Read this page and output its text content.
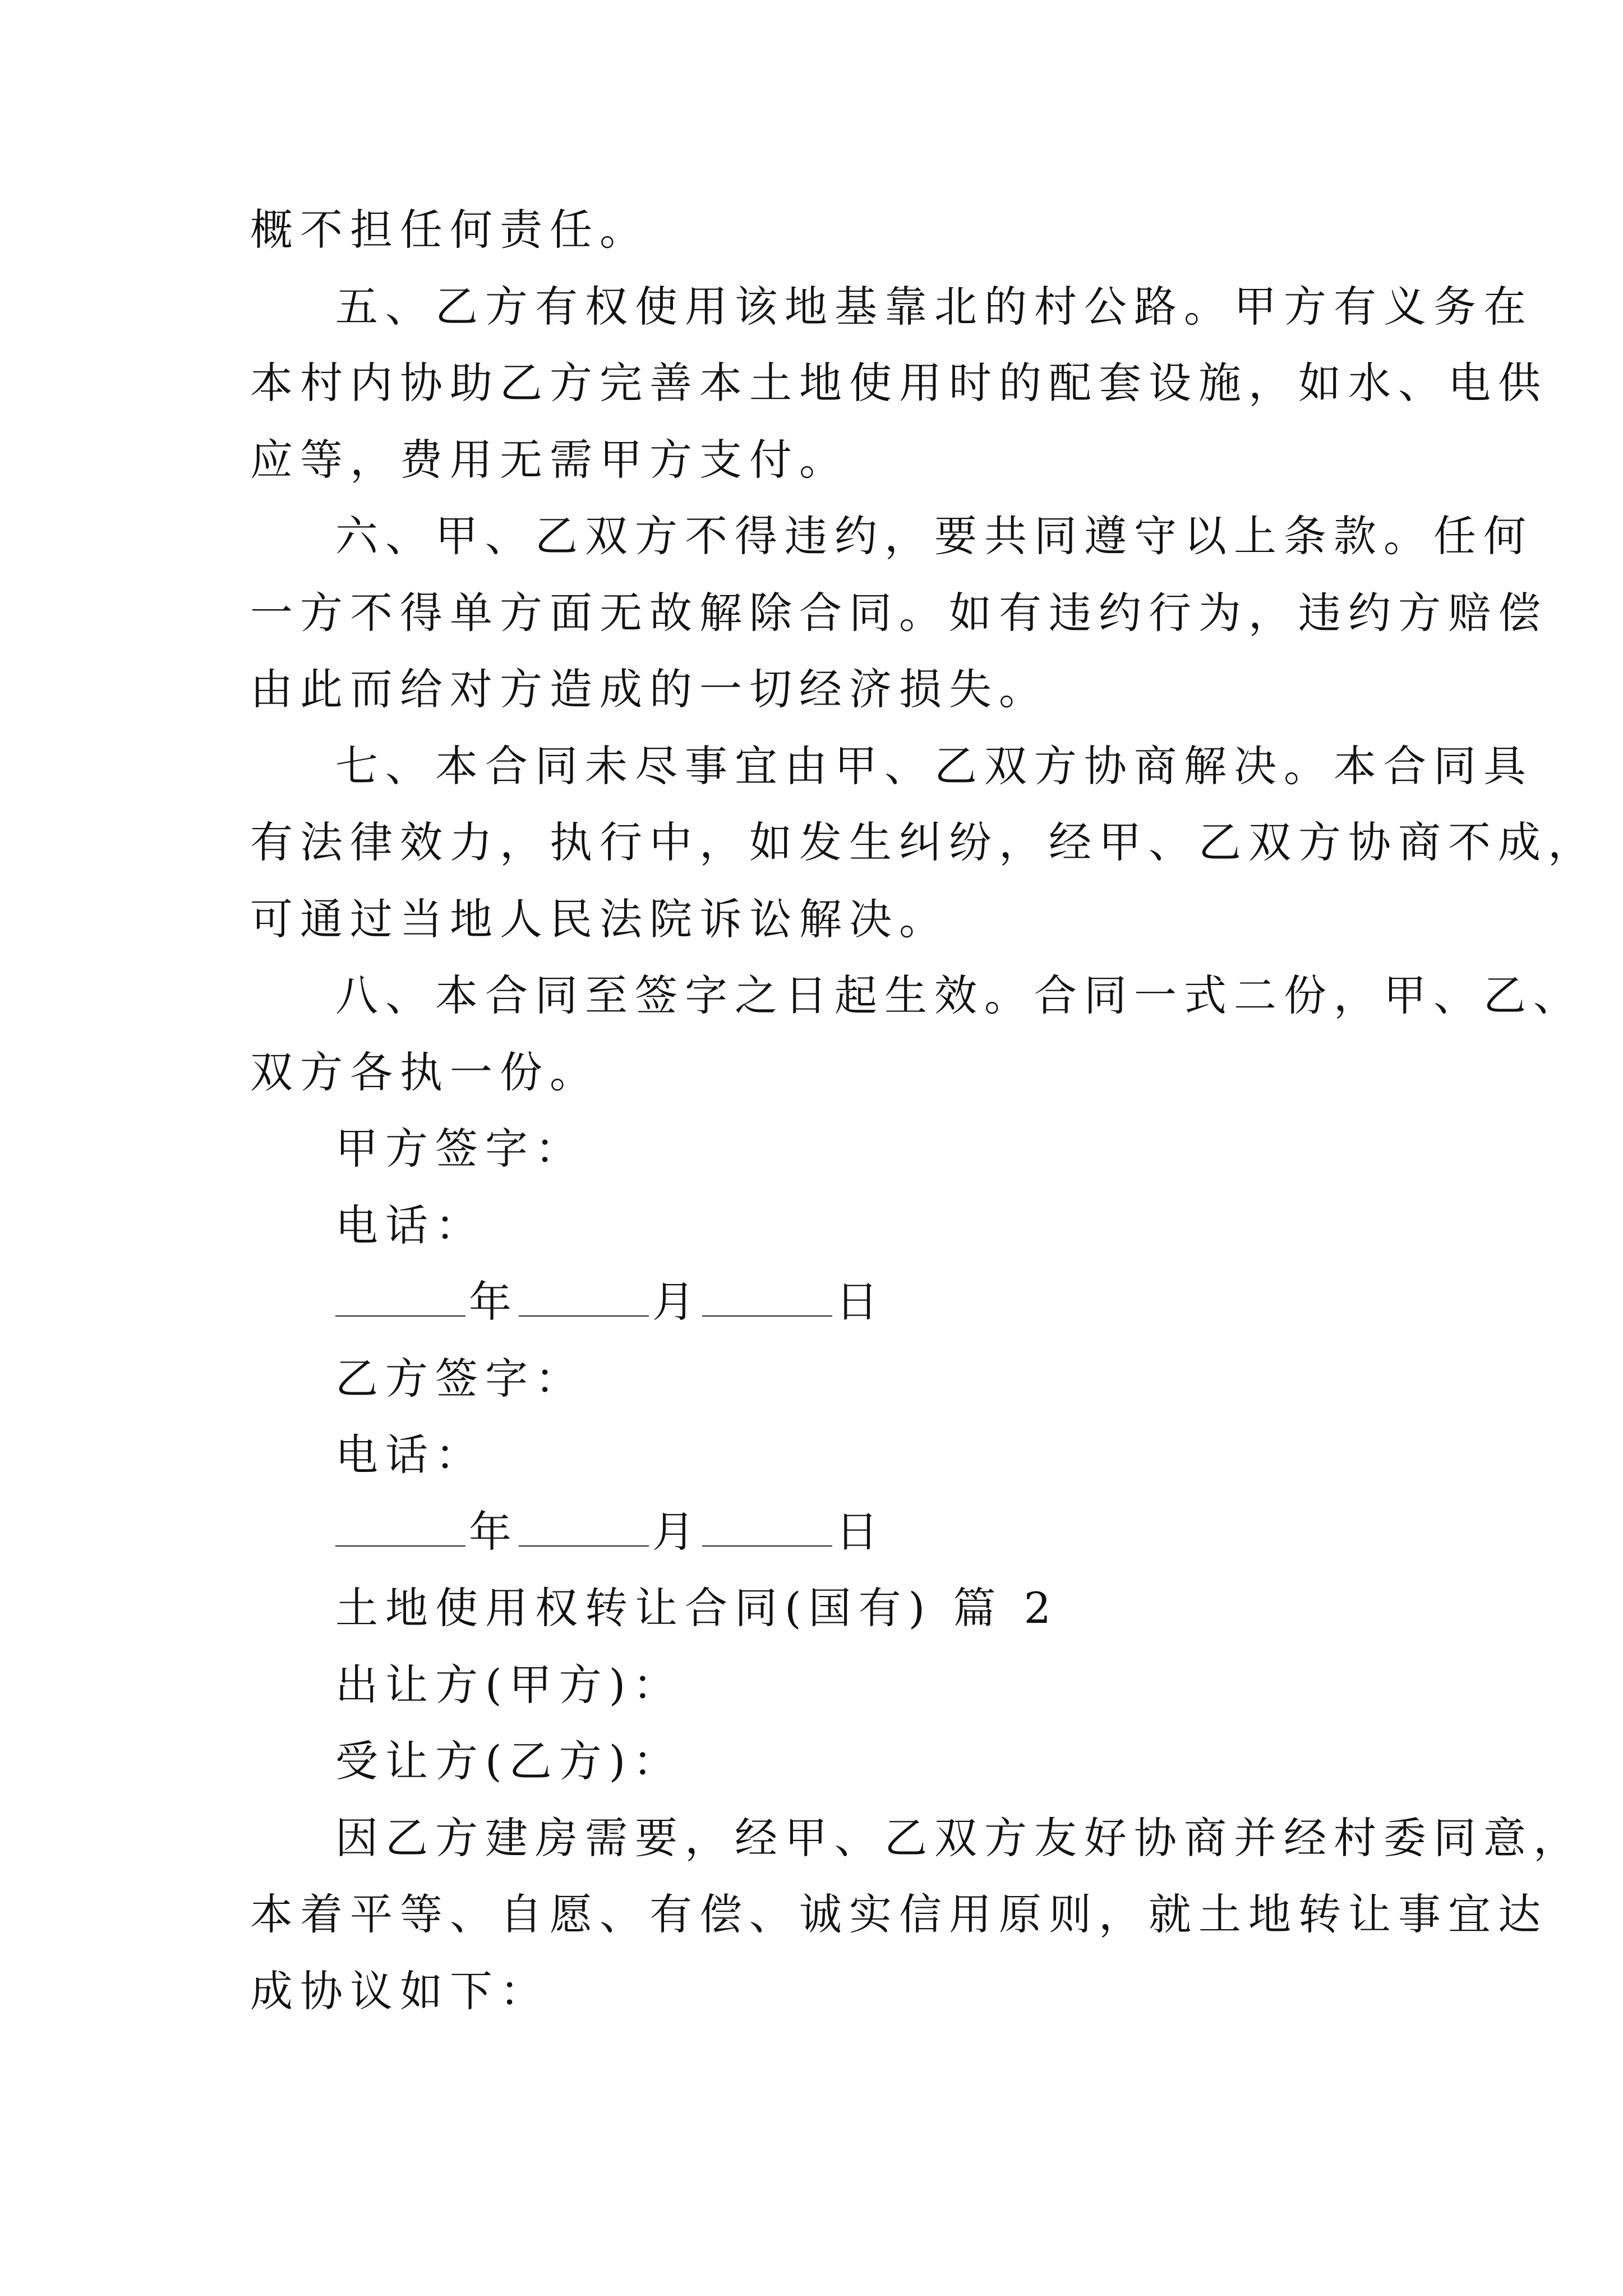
概不担任何责任。
五、乙方有权使用该地基靠北的村公路。甲方有义务在
本村内协助乙方完善本土地使用时的配套设施，如水、电供
应等，费用无需甲方支付。
六、甲、乙双方不得违约，要共同遵守以上条款。任何
一方不得单方面无故解除合同。如有违约行为，违约方赔偿
由此而给对方造成的一切经济损失。
七、本合同未尽事宜由甲、乙双方协商解决。本合同具
有法律效力，执行中，如发生纠纷，经甲、乙双方协商不成，
可通过当地人民法院诉讼解决。
八、本合同至签字之日起生效。合同一式二份，甲、乙、
双方各执一份。
甲方签字：
电话：
年	月	日
乙方签字：
电话：
年	月	日
土地使用权转让合同(国有) 篇 2
出让方(甲方)：
受让方(乙方)：
因乙方建房需要，经甲、乙双方友好协商并经村委同意，
本着平等、自愿、有偿、诚实信用原则，就土地转让事宜达
成协议如下：
